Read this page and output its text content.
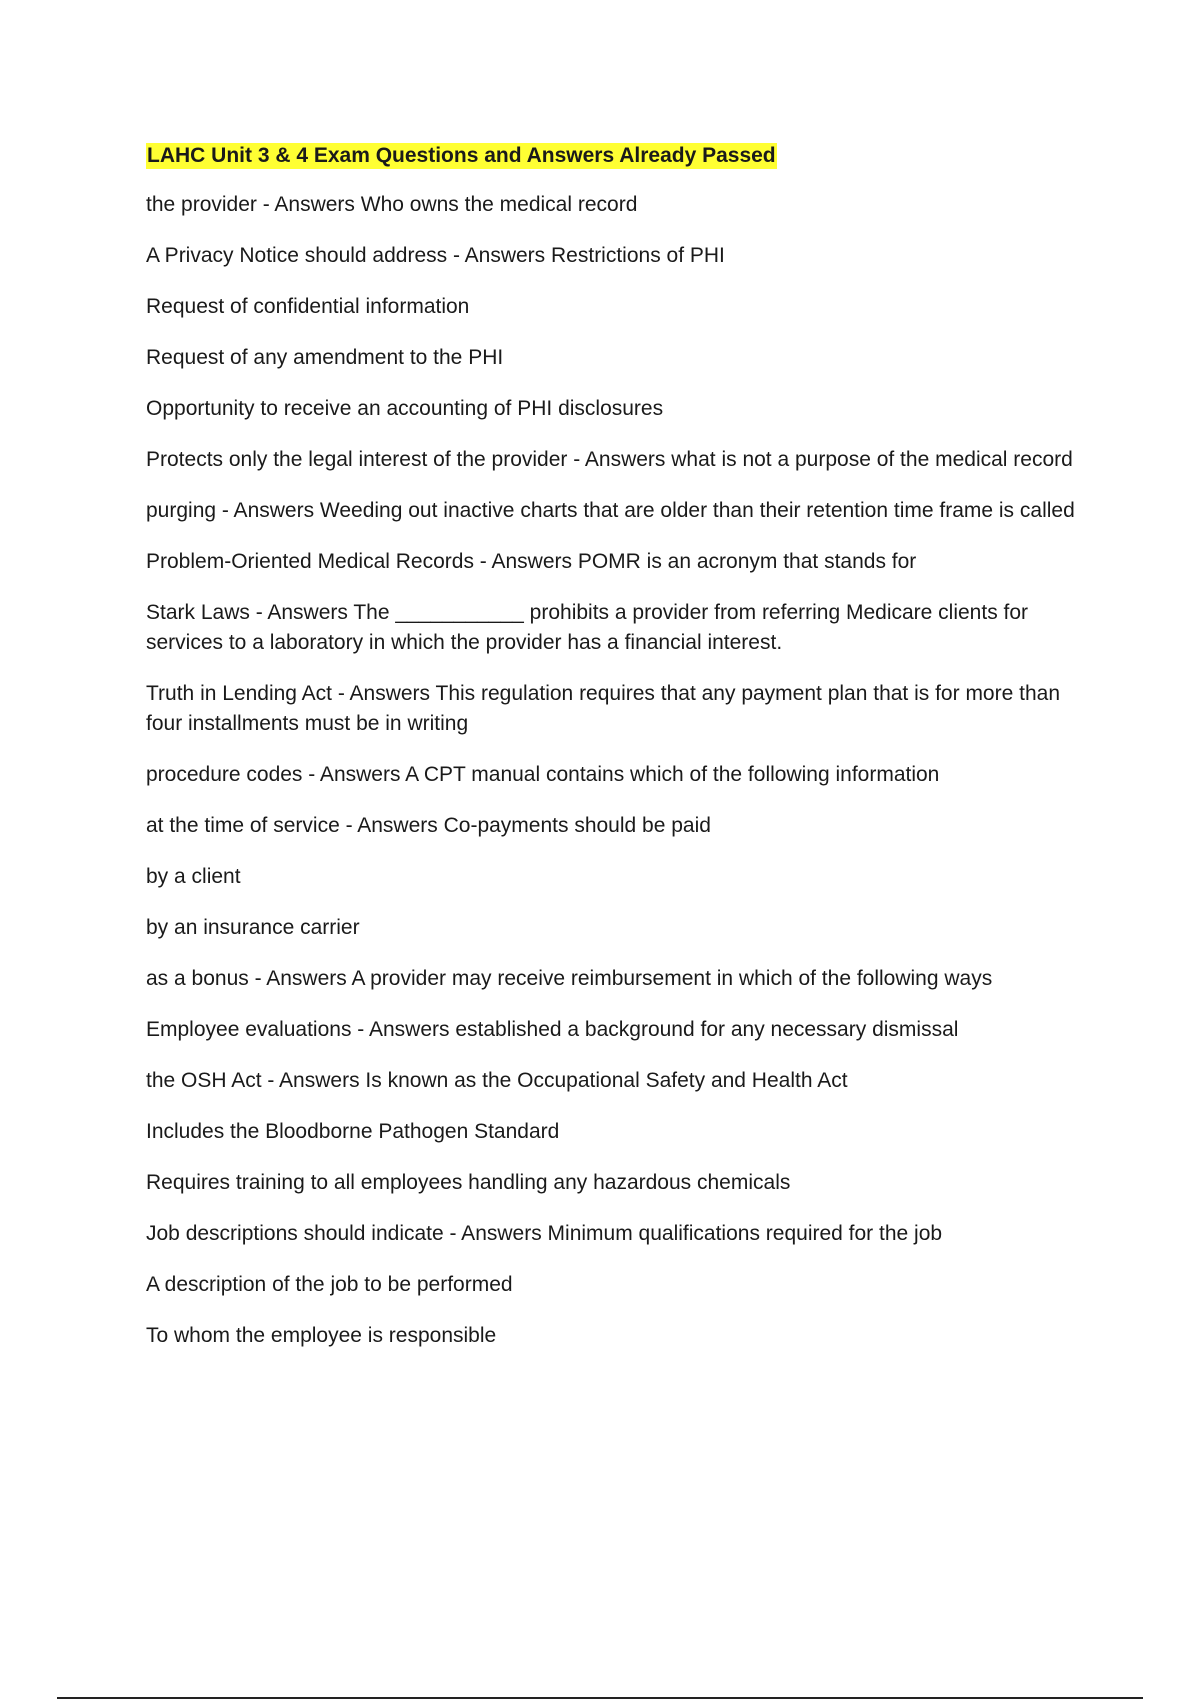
LAHC Unit 3 & 4 Exam Questions and Answers Already Passed
the provider - Answers Who owns the medical record
A Privacy Notice should address - Answers Restrictions of PHI
Request of confidential information
Request of any amendment to the PHI
Opportunity to receive an accounting of PHI disclosures
Protects only the legal interest of the provider - Answers what is not a purpose of the medical record
purging - Answers Weeding out inactive charts that are older than their retention time frame is called
Problem-Oriented Medical Records - Answers POMR is an acronym that stands for
Stark Laws - Answers The ___________ prohibits a provider from referring Medicare clients for services to a laboratory in which the provider has a financial interest.
Truth in Lending Act - Answers This regulation requires that any payment plan that is for more than four installments must be in writing
procedure codes - Answers A CPT manual contains which of the following information
at the time of service - Answers Co-payments should be paid
by a client
by an insurance carrier
as a bonus - Answers A provider may receive reimbursement in which of the following ways
Employee evaluations - Answers established a background for any necessary dismissal
the OSH Act - Answers Is known as the Occupational Safety and Health Act
Includes the Bloodborne Pathogen Standard
Requires training to all employees handling any hazardous chemicals
Job descriptions should indicate - Answers Minimum qualifications required for the job
A description of the job to be performed
To whom the employee is responsible
